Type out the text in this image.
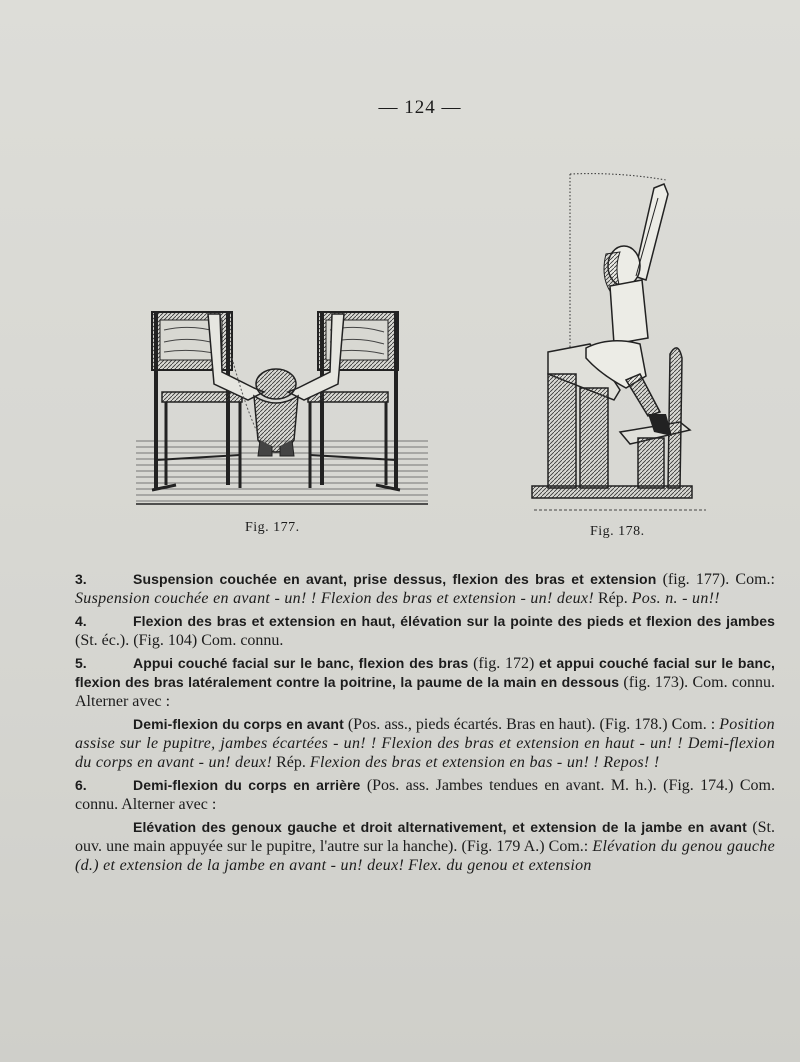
— 124 —
Fig. 177.	Fig. 178.

3.	Suspension couchée en avant, prise dessus, flexion des bras et extension (fig. 177). Com.: Suspension couchée en avant - un! ! Flexion des bras et extension - un! deux! Rép. Pos. n. - un!!

4.	Flexion des bras et extension en haut, élévation sur la pointe des pieds et flexion des jambes (St. éc.). (Fig. 104) Com. connu.

5.	Appui couché facial sur le banc, flexion des bras (fig. 172) et appui couché facial sur le banc, flexion des bras latéralement contre la poitrine, la paume de la main en dessous (fig. 173). Com. connu. Alterner avec :

Demi-flexion du corps en avant (Pos. ass., pieds écartés. Bras en haut). (Fig. 178.) Com. : Position assise sur le pupitre, jambes écartées - un! ! Flexion des bras et extension en haut - un! ! Demi-flexion du corps en avant - un! deux! Rép. Flexion des bras et extension en bas - un! ! Repos! !

6.	Demi-flexion du corps en arrière (Pos. ass. Jambes tendues en avant. M. h.). (Fig. 174.) Com. connu. Alterner avec :

Elévation des genoux gauche et droit alternativement, et extension de la jambe en avant (St. ouv. une main appuyée sur le pupitre, l'autre sur la hanche). (Fig. 179 A.) Com.: Elévation du genou gauche (d.) et extension de la jambe en avant - un! deux! Flex. du genou et extension
